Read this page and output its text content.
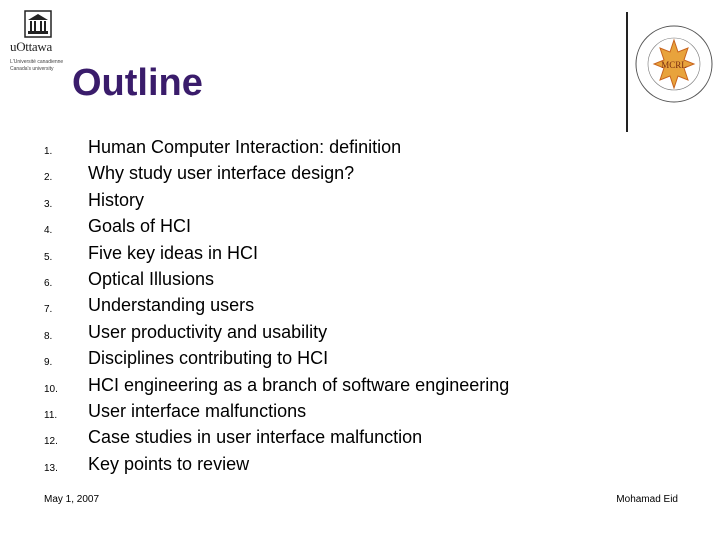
uOttawa
L'Université canadienne
Canada's university	MCRL
Outline
1. Human Computer Interaction: definition
2. Why study user interface design?
3. History
4. Goals of HCI
5. Five key ideas in HCI
6. Optical Illusions
7. Understanding users
8. User productivity and usability
9. Disciplines contributing to HCI
10. HCI engineering as a branch of software engineering
11. User interface malfunctions
12. Case studies in user interface malfunction
13. Key points to review
May 1, 2007	Mohamad Eid
